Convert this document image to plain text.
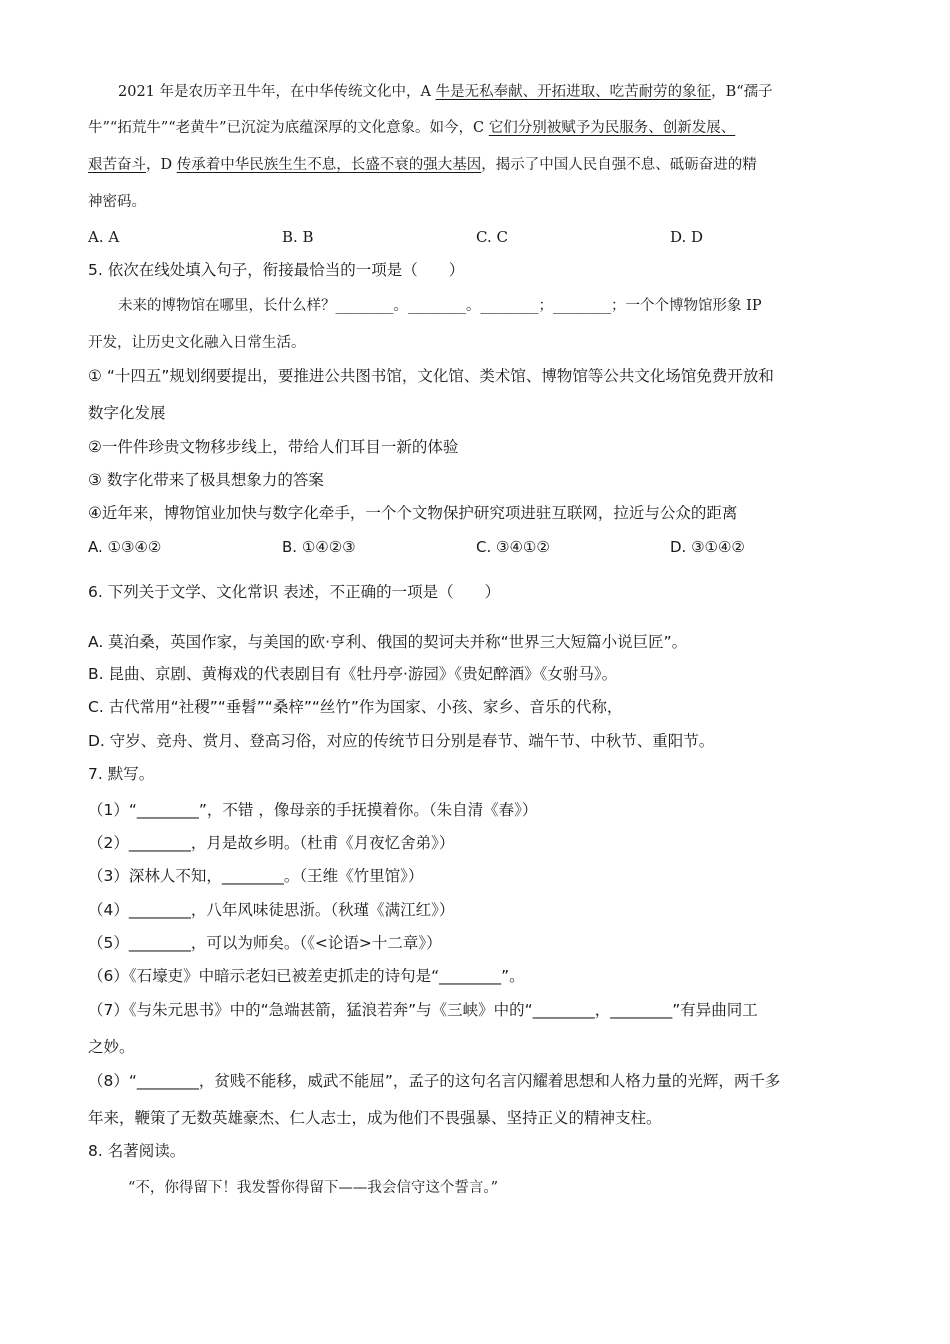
2021 年是农历辛丑牛年，在中华传统文化中，A 牛是无私奉献、开拓进取、吃苦耐劳的象征，B“孺子
牛”“拓荒牛”“老黄牛”已沉淀为底蕴深厚的文化意象。如今，C 它们分别被赋予为民服务、创新发展、
艰苦奋斗，D 传承着中华民族生生不息，长盛不衰的强大基因，揭示了中国人民自强不息、砥砺奋进的精
神密码。
A. A	B. B	C. C	D. D
5. 依次在线处填入句子，衔接最恰当的一项是（　　）
未来的博物馆在哪里，长什么样？________。________。________；________；一个个博物馆形象 IP
开发，让历史文化融入日常生活。
① “十四五”规划纲要提出，要推进公共图书馆，文化馆、类术馆、博物馆等公共文化场馆免费开放和
数字化发展
②一件件珍贵文物移步线上，带给人们耳目一新的体验
③ 数字化带来了极具想象力的答案
④近年来，博物馆业加快与数字化牵手，一个个文物保护研究项进驻互联网，拉近与公众的距离
A. ①③④②	B. ①④②③	C. ③④①②	D. ③①④②
6. 下列关于文学、文化常识 表述，不正确的一项是（　　）
A. 莫泊桑，英国作家，与美国的欧·亨利、俄国的契诃夫并称“世界三大短篇小说巨匠”。
B. 昆曲、京剧、黄梅戏的代表剧目有《牡丹亭·游园》《贵妃醉酒》《女驸马》。
C. 古代常用“社稷”“垂髫”“桑梓”“丝竹”作为国家、小孩、家乡、音乐的代称，
D. 守岁、竞舟、赏月、登高习俗，对应的传统节日分别是春节、端午节、中秋节、重阳节。
7. 默写。
（1）“________”，不错 ，像母亲的手抚摸着你。（朱自清《春》）
（2）________，月是故乡明。（杜甫《月夜忆舍弟》）
（3）深林人不知，________。（王维《竹里馆》）
（4）________，八年风味徒思浙。（秋瑾《满江红》）
（5）________，可以为师矣。（《<论语>十二章》）
（6）《石壕吏》中暗示老妇已被差吏抓走的诗句是“________”。
（7）《与朱元思书》中的“急端甚箭，猛浪若奔”与《三峡》中的“________，________”有异曲同工
之妙。
（8）“________，贫贱不能移，威武不能屈”，孟子的这句名言闪耀着思想和人格力量的光辉，两千多
年来，鞭策了无数英雄豪杰、仁人志士，成为他们不畏强暴、坚持正义的精神支柱。
8. 名著阅读。
“不，你得留下！我发誓你得留下——我会信守这个誓言。”
